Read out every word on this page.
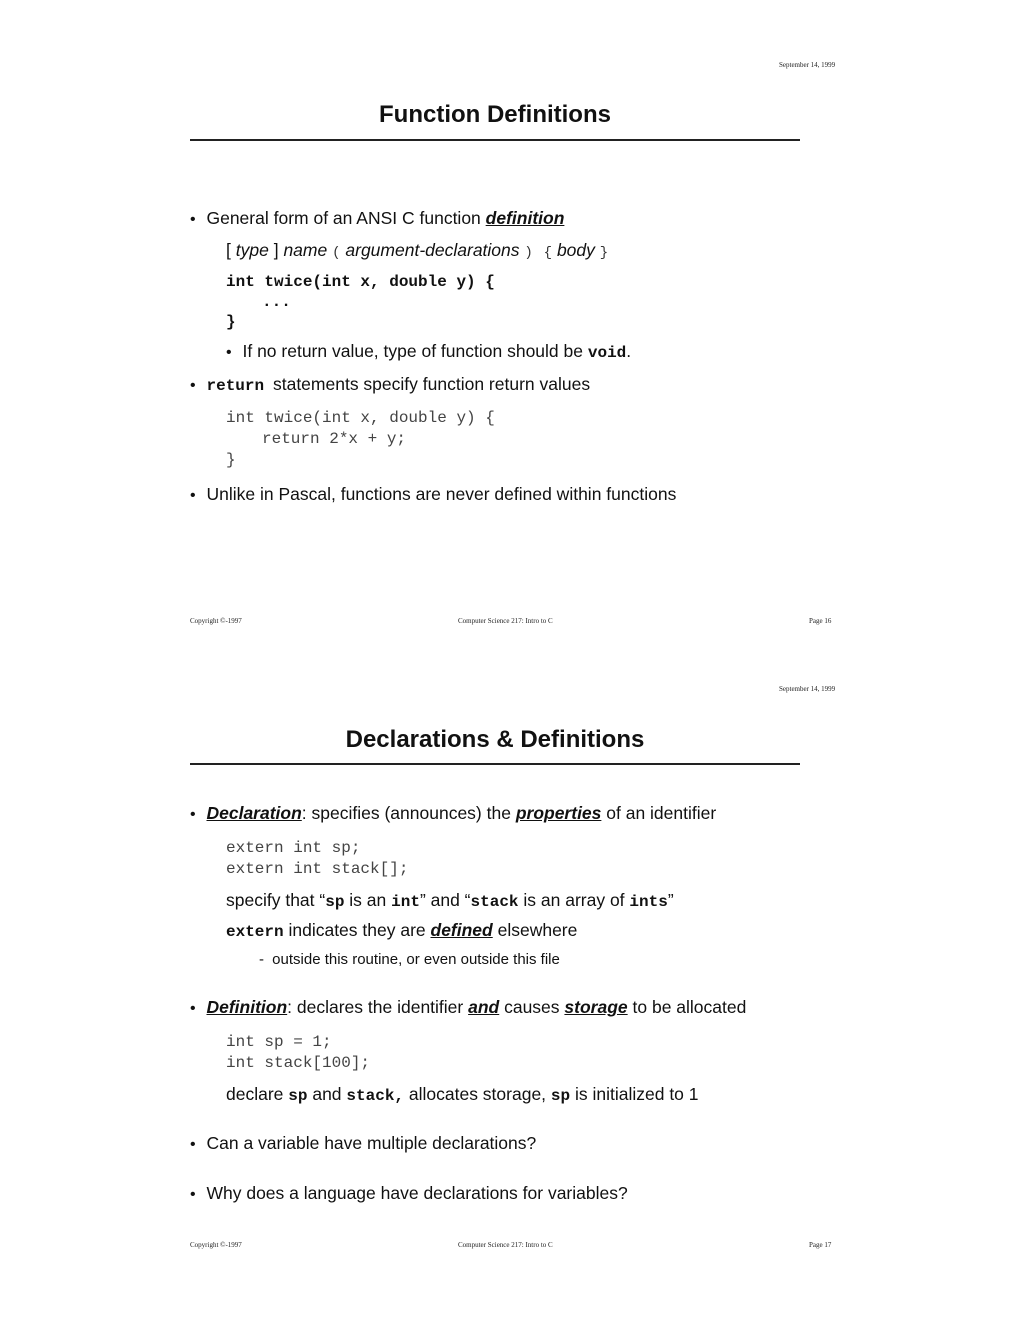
September 14, 1999
Function Definitions
• General form of an ANSI C function definition
[ type ] name ( argument-declarations ) { body }
int twice(int x, double y) {
...
}
• If no return value, type of function should be void.
• return statements specify function return values
int twice(int x, double y) {
return 2*x + y;
}
• Unlike in Pascal, functions are never defined within functions
Copyright ©-1997	Computer Science 217: Intro to C	Page 16
September 14, 1999
Declarations & Definitions
• Declaration: specifies (announces) the properties of an identifier
extern int sp;
extern int stack[];
specify that “sp is an int” and “stack is an array of ints”
extern indicates they are defined elsewhere
- outside this routine, or even outside this file
• Definition: declares the identifier and causes storage to be allocated
int sp = 1;
int stack[100];
declare sp and stack, allocates storage, sp is initialized to 1
• Can a variable have multiple declarations?
• Why does a language have declarations for variables?
Copyright ©-1997	Computer Science 217: Intro to C	Page 17
